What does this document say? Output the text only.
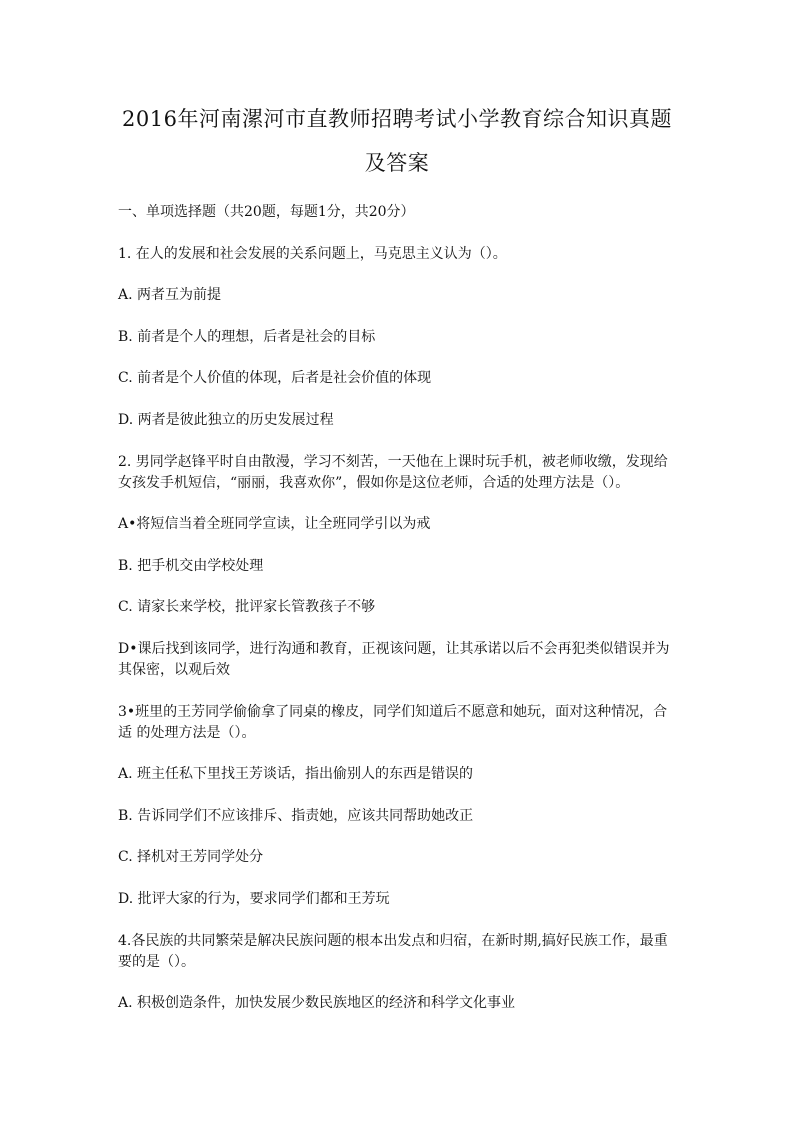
2016年河南漯河市直教师招聘考试小学教育综合知识真题
及答案
一、单项选择题（共20题，每题1分，共20分）
1. 在人的发展和社会发展的关系问题上，马克思主义认为（）。
A. 两者互为前提
B. 前者是个人的理想，后者是社会的目标
C. 前者是个人价值的体现，后者是社会价值的体现
D. 两者是彼此独立的历史发展过程
2. 男同学赵锋平时自由散漫，学习不刻苦，一天他在上课时玩手机，被老师收缴，发现给
女孩发手机短信，“丽丽，我喜欢你”，假如你是这位老师，合适的处理方法是（）。
A•将短信当着全班同学宣读，让全班同学引以为戒
B. 把手机交由学校处理
C. 请家长来学校，批评家长管教孩子不够
D•课后找到该同学，进行沟通和教育，正视该问题，让其承诺以后不会再犯类似错误并为
其保密，以观后效
3•班里的王芳同学偷偷拿了同桌的橡皮，同学们知道后不愿意和她玩，面对这种情况，合
适 的处理方法是（）。
A. 班主任私下里找王芳谈话，指出偷别人的东西是错误的
B. 告诉同学们不应该排斥、指责她，应该共同帮助她改正
C. 择机对王芳同学处分
D. 批评大家的行为，要求同学们都和王芳玩
4.各民族的共同繁荣是解决民族问题的根本出发点和归宿，在新时期,搞好民族工作，最重
要的是（）。
A. 积极创造条件，加快发展少数民族地区的经济和科学文化事业
